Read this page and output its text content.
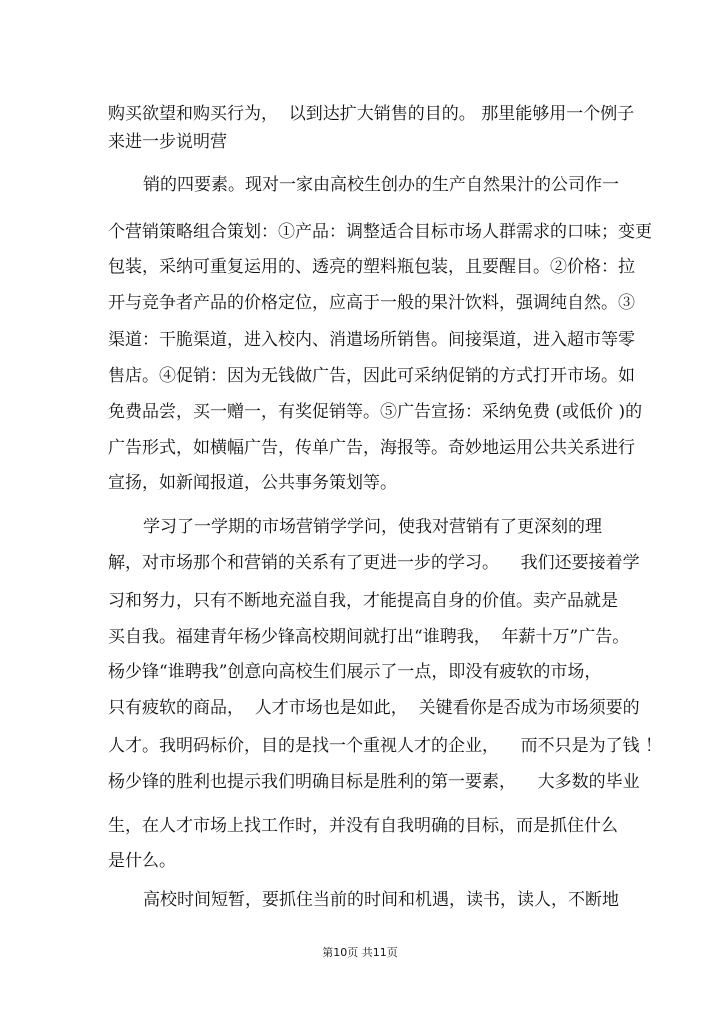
购买欲望和购买行为，  以到达扩大销售的目的。 那里能够用一个例子
来进一步说明营
销的四要素。现对一家由高校生创办的生产自然果汁的公司作一
个营销策略组合策划：①产品：调整适合目标市场人群需求的口味；变更
包装，采纳可重复运用的、透亮的塑料瓶包装，且要醒目。②价格：拉
开与竞争者产品的价格定位，应高于一般的果汁饮料，强调纯自然。③
渠道：干脆渠道，进入校内、消遣场所销售。间接渠道，进入超市等零
售店。④促销：因为无钱做广告，因此可采纳促销的方式打开市场。如
免费品尝，买一赠一，有奖促销等。⑤广告宣扬：采纳免费 (或低价 )的
广告形式，如横幅广告，传单广告，海报等。奇妙地运用公共关系进行
宣扬，如新闻报道，公共事务策划等。
学习了一学期的市场营销学学问，使我对营销有了更深刻的理
解，对市场那个和营销的关系有了更进一步的学习。    我们还要接着学
习和努力，只有不断地充溢自我，才能提高自身的价值。卖产品就是
买自我。福建青年杨少锋高校期间就打出“谁聘我，  年薪十万”广告。
杨少锋“谁聘我”创意向高校生们展示了一点，即没有疲软的市场，
只有疲软的商品，  人才市场也是如此，  关键看你是否成为市场须要的
人才。我明码标价，目的是找一个重视人才的企业，    而不只是为了钱 ！
杨少锋的胜利也提示我们明确目标是胜利的第一要素，    大多数的毕业
生，在人才市场上找工作时，并没有自我明确的目标，而是抓住什么
是什么。
高校时间短暂，要抓住当前的时间和机遇，读书，读人，不断地
第10页 共11页
